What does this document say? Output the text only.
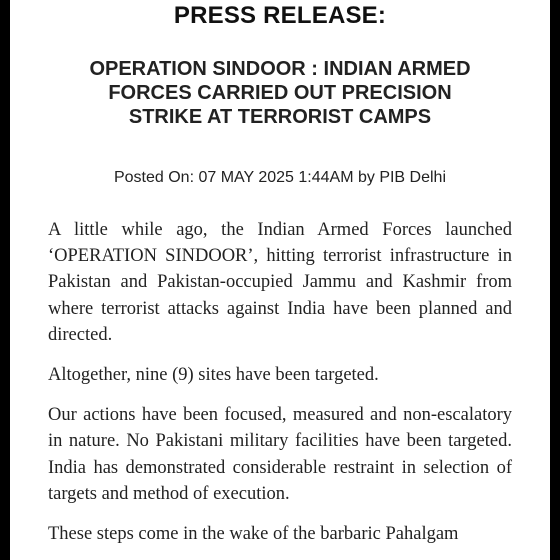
PRESS RELEASE:
OPERATION SINDOOR : INDIAN ARMED
FORCES CARRIED OUT PRECISION
STRIKE AT TERRORIST CAMPS
Posted On: 07 MAY 2025 1:44AM by PIB Delhi

A little while ago, the Indian Armed Forces launched ‘OPERATION SINDOOR’, hitting terrorist infrastructure in Pakistan and Pakistan-occupied Jammu and Kashmir from where terrorist attacks against India have been planned and directed.

Altogether, nine (9) sites have been targeted.

Our actions have been focused, measured and non-escalatory in nature. No Pakistani military facilities have been targeted. India has demonstrated considerable restraint in selection of targets and method of execution.

These steps come in the wake of the barbaric Pahalgam
